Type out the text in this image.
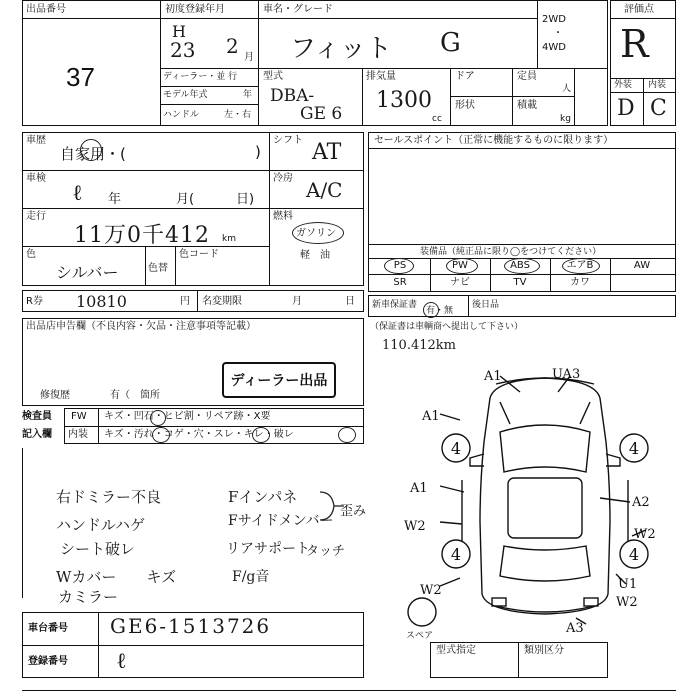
出品番号
37
初度登録年月
H
23 2 月
車名・グレード
フィット G
2WD
・
4WD
評価点
R
外装 内装
D C
ディーラー・並 行
モデル年式	年
ハンドル	左・右
型式
DBA-
GE 6
排気量
1300
cc
ドア	定員
人
形状	積載
kg
車歴
自家用・(	)
車検
ℓ 年	月(	日)
走行
11万0千412 km
色
シルバー	色替
色コード
シフト AT
冷房 A/C
燃料
ガソリン
軽　油
R券 10810	円 名変期限	月	日
セールスポイント（正常に機能するものに限ります）
装備品（純正品に限り◯をつけてください）
PS	PW	ABS	エアB	AW
SR	ナビ	TV	カワ
新車保証書
有・無
後日品
（保証書は車輌商へ提出して下さい）
110.412km
出品店申告欄（不良内容・欠品・注意事項等記載）
ディーラー出品
修復歴	有（　箇所
検査員
記入欄
FW キズ・凹石・ヒビ割・リペア跡・X要
内装 キズ・汚れ・コゲ・穴・スレ・キレ・破レ
右ドミラー不良
ハンドルハゲ
シート破レ
Wカバー　　キズ
カミラー
Fインパネ
Fサイドメンバー
リアサポート
F/g音
歪み
タッチ
4	4
4	4
A1	UA3
A1
A1
A2
W2
W2
W2	U1
W2
A3
スペア
車台番号 GE6-1513726
登録番号 ℓ	型式指定	類別区分
